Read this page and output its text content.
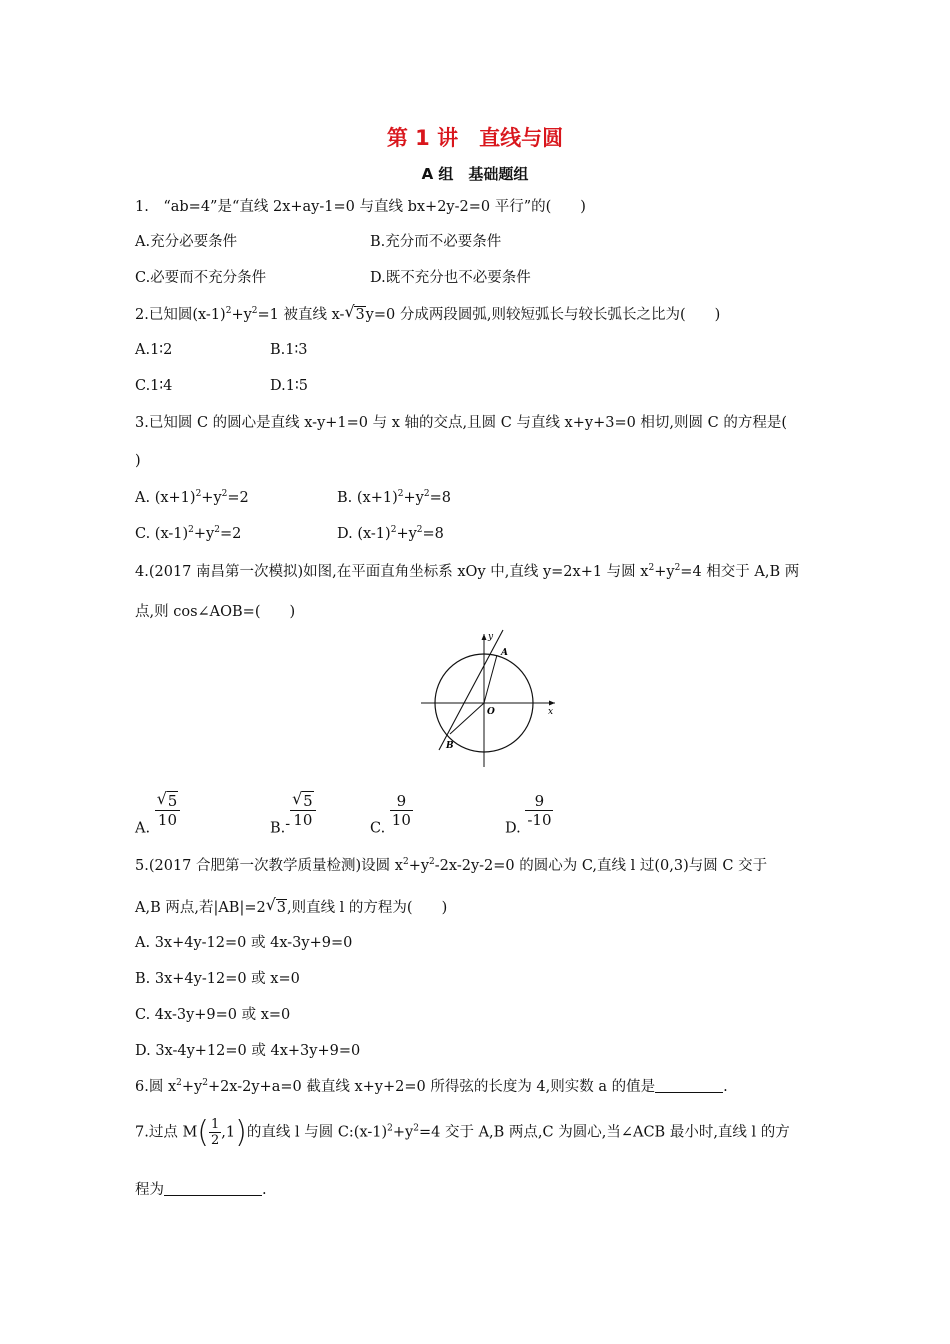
第 1 讲　直线与圆
A 组　基础题组
1.　“ab=4”是“直线 2x+ay-1=0 与直线 bx+2y-2=0 平行”的(　　)
A.充分必要条件	B.充分而不必要条件
C.必要而不充分条件	D.既不充分也不必要条件
2.已知圆$(x-1)^2+y^2=1$ 被直线 x- √ 3y=0 分成两段圆弧,则较短弧长与较长弧长之比为(　　)
A.1∶2	B.1∶3
C.1∶4	D.1∶5
3.已知圆 C 的圆心是直线 x-y+1=0 与 x 轴的交点,且圆 C 与直线 x+y+3=0 相切,则圆 C 的方程是(
)
A. $(x+1)^2+y^2=2$	B. $(x+1)^2+y^2=8$
C. $(x-1)^2+y^2=2$	D. $(x-1)^2+y^2=8$
4.(2017 南昌第一次模拟)如图,在平面直角坐标系 xOy 中,直线 y=2x+1 与圆 $x^2+y^2=4$ 相交于 A,B 两
点,则 cos∠AOB=(　　)
y
x
O
A
B
A. √ $\frac{5}{10}$	B.- √ $\frac{5}{10}$	C. $\frac{9}{10}$	D. $\frac{9}{-10}$
5.(2017 合肥第一次教学质量检测)设圆 $x^2+y^2-2x-2y-2=0$ 的圆心为 C,直线 l 过(0,3)与圆 C 交于
A,B 两点,若|AB|=2 √ 3,则直线 l 的方程为(　　)
A. 3x+4y-12=0 或 4x-3y+9=0
B. 3x+4y-12=0 或 x=0
C. 4x-3y+9=0 或 x=0
D. 3x-4y+12=0 或 4x+3y+9=0
6.圆 $x^2+y^2+2x-2y+a=0$ 截直线 x+y+2=0 所得弦的长度为 4,则实数 a 的值是	.
7.过点 $M( \frac{1}{2} ,1)$的直线 l 与圆 $C:(x-1)^2+y^2=4$ 交于 A,B 两点,C 为圆心,当∠ACB 最小时,直线 l 的方
程为	.
